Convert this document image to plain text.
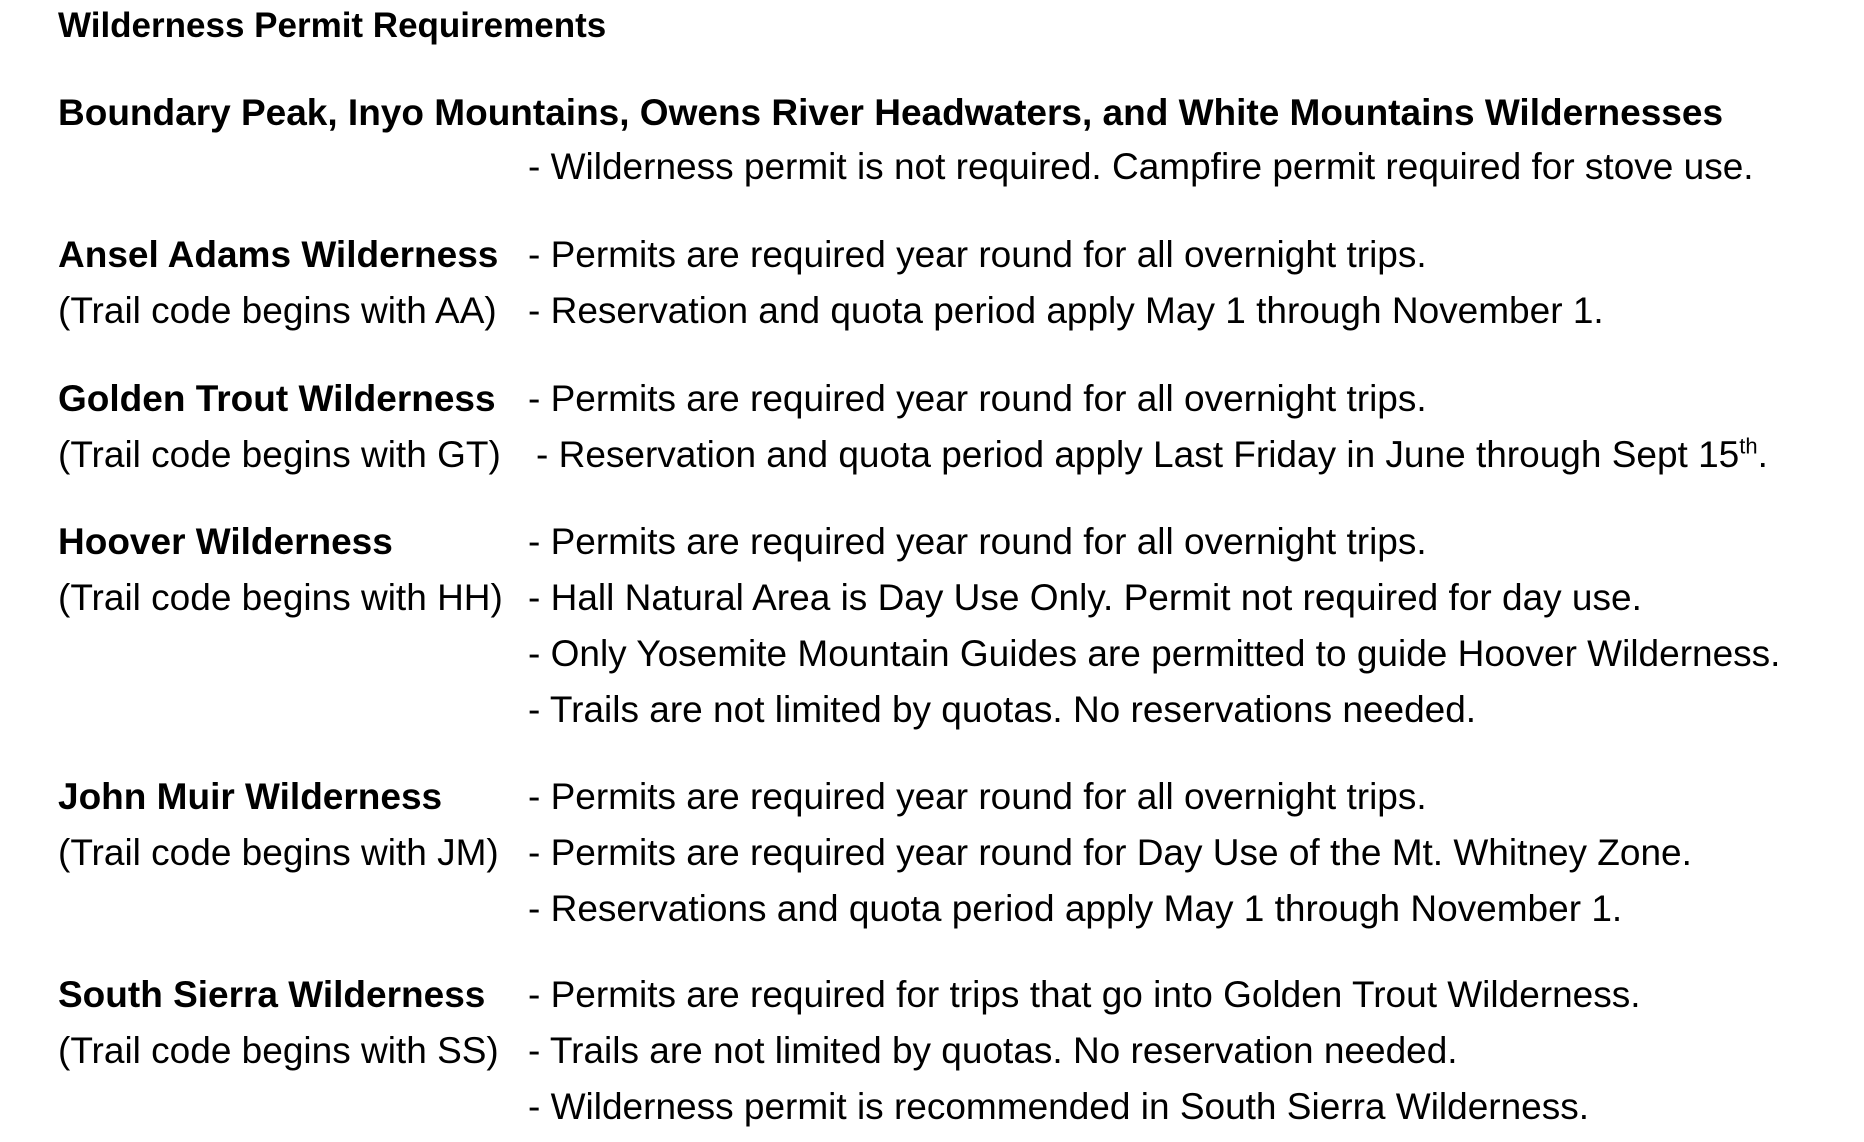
Wilderness Permit Requirements
Boundary Peak, Inyo Mountains, Owens River Headwaters, and White Mountains Wildernesses
- Wilderness permit is not required. Campfire permit required for stove use.
Ansel Adams Wilderness - Permits are required year round for all overnight trips.
(Trail code begins with AA) - Reservation and quota period apply May 1 through November 1.
Golden Trout Wilderness - Permits are required year round for all overnight trips.
(Trail code begins with GT) - Reservation and quota period apply Last Friday in June through Sept 15th.
Hoover Wilderness	- Permits are required year round for all overnight trips.
(Trail code begins with HH) - Hall Natural Area is Day Use Only. Permit not required for day use.
- Only Yosemite Mountain Guides are permitted to guide Hoover Wilderness.
- Trails are not limited by quotas. No reservations needed.
John Muir Wilderness	- Permits are required year round for all overnight trips.
(Trail code begins with JM) - Permits are required year round for Day Use of the Mt. Whitney Zone.
- Reservations and quota period apply May 1 through November 1.
South Sierra Wilderness	- Permits are required for trips that go into Golden Trout Wilderness.
(Trail code begins with SS) - Trails are not limited by quotas. No reservation needed.
- Wilderness permit is recommended in South Sierra Wilderness.
